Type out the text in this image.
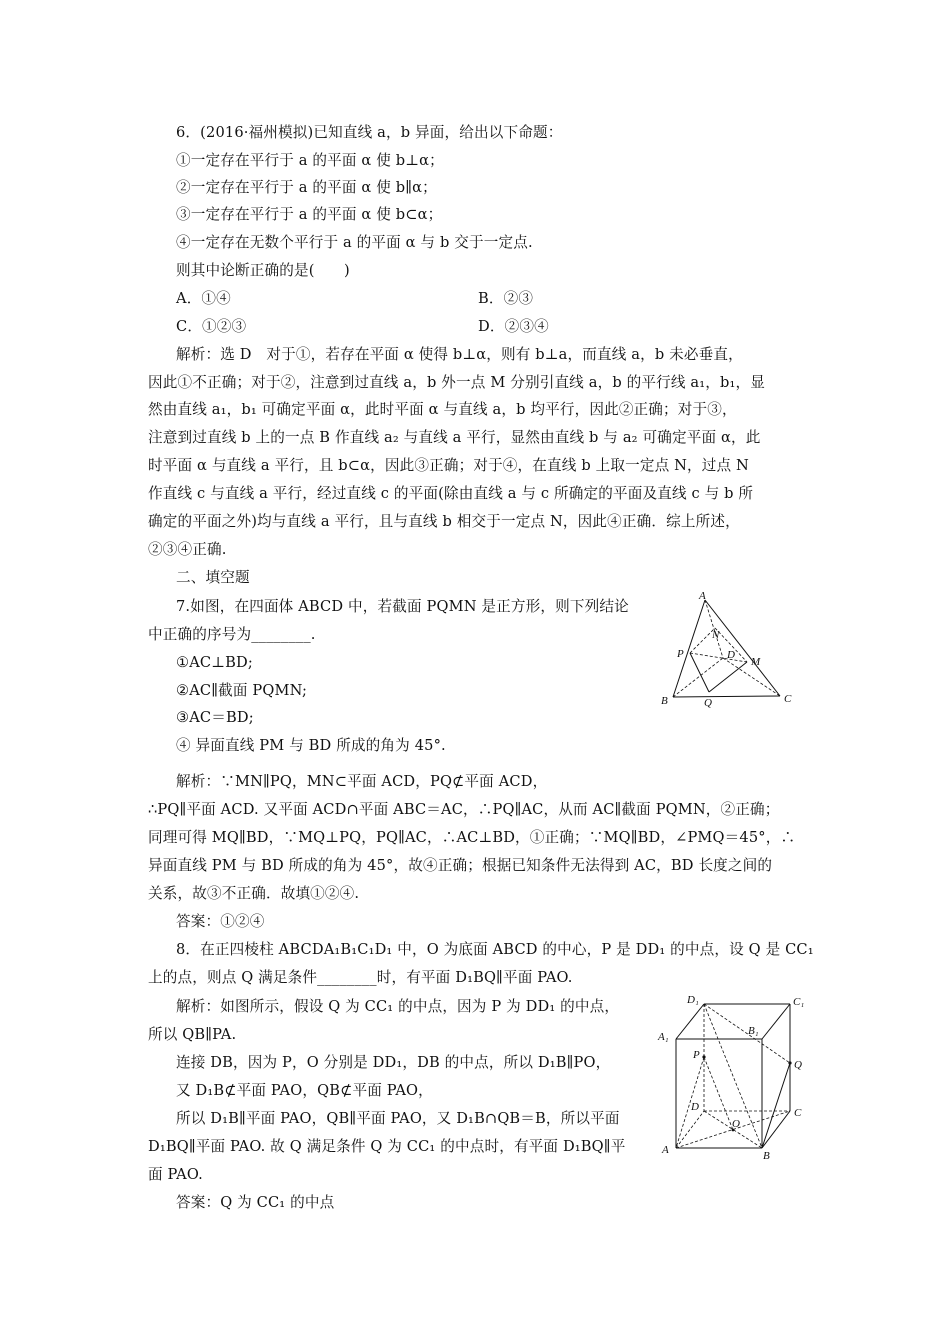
6．(2016·福州模拟)已知直线 a，b 异面，给出以下命题：
①一定存在平行于 a 的平面 α 使 b⊥α；
②一定存在平行于 a 的平面 α 使 b∥α；
③一定存在平行于 a 的平面 α 使 b⊂α；
④一定存在无数个平行于 a 的平面 α 与 b 交于一定点.
则其中论断正确的是(　　)
A．①④	B．②③
C．①②③	D．②③④
解析：选 D　对于①，若存在平面 α 使得 b⊥α，则有 b⊥a，而直线 a，b 未必垂直，
因此①不正确；对于②，注意到过直线 a，b 外一点 M 分别引直线 a，b 的平行线 a₁，b₁，显
然由直线 a₁，b₁ 可确定平面 α，此时平面 α 与直线 a，b 均平行，因此②正确；对于③，
注意到过直线 b 上的一点 B 作直线 a₂ 与直线 a 平行，显然由直线 b 与 a₂ 可确定平面 α，此
时平面 α 与直线 a 平行，且 b⊂α，因此③正确；对于④，在直线 b 上取一定点 N，过点 N
作直线 c 与直线 a 平行，经过直线 c 的平面(除由直线 a 与 c 所确定的平面及直线 c 与 b 所
确定的平面之外)均与直线 a 平行，且与直线 b 相交于一定点 N，因此④正确．综上所述，
②③④正确.
二、填空题
7.如图，在四面体 ABCD 中，若截面 PQMN 是正方形，则下列结论
中正确的序号为________.
①AC⊥BD;
②AC∥截面 PQMN;
③AC＝BD;
④ 异面直线 PM 与 BD 所成的角为 45°.
解析：∵MN∥PQ，MN⊂平面 ACD，PQ⊄平面 ACD，
∴PQ∥平面 ACD. 又平面 ACD∩平面 ABC＝AC，∴PQ∥AC，从而 AC∥截面 PQMN，②正确；
同理可得 MQ∥BD，∵MQ⊥PQ，PQ∥AC，∴AC⊥BD，①正确；∵MQ∥BD，∠PMQ＝45°，∴
异面直线 PM 与 BD 所成的角为 45°，故④正确；根据已知条件无法得到 AC，BD 长度之间的
关系，故③不正确．故填①②④.
答案：①②④
8．在正四棱柱 ABCDA₁B₁C₁D₁ 中，O 为底面 ABCD 的中心，P 是 DD₁ 的中点，设 Q 是 CC₁
上的点，则点 Q 满足条件________时，有平面 D₁BQ∥平面 PAO.
解析：如图所示，假设 Q 为 CC₁ 的中点，因为 P 为 DD₁ 的中点，
所以 QB∥PA.
连接 DB，因为 P，O 分别是 DD₁，DB 的中点，所以 D₁B∥PO，
又 D₁B⊄平面 PAO，QB⊄平面 PAO，
所以 D₁B∥平面 PAO，QB∥平面 PAO，又 D₁B∩QB＝B，所以平面
D₁BQ∥平面 PAO. 故 Q 满足条件 Q 为 CC₁ 的中点时，有平面 D₁BQ∥平
面 PAO.
答案：Q 为 CC₁ 的中点
A
N
D
P
M
B	Q	C
D₁	C₁
B₁
A₁
P
Q
D	C
O
A	B
